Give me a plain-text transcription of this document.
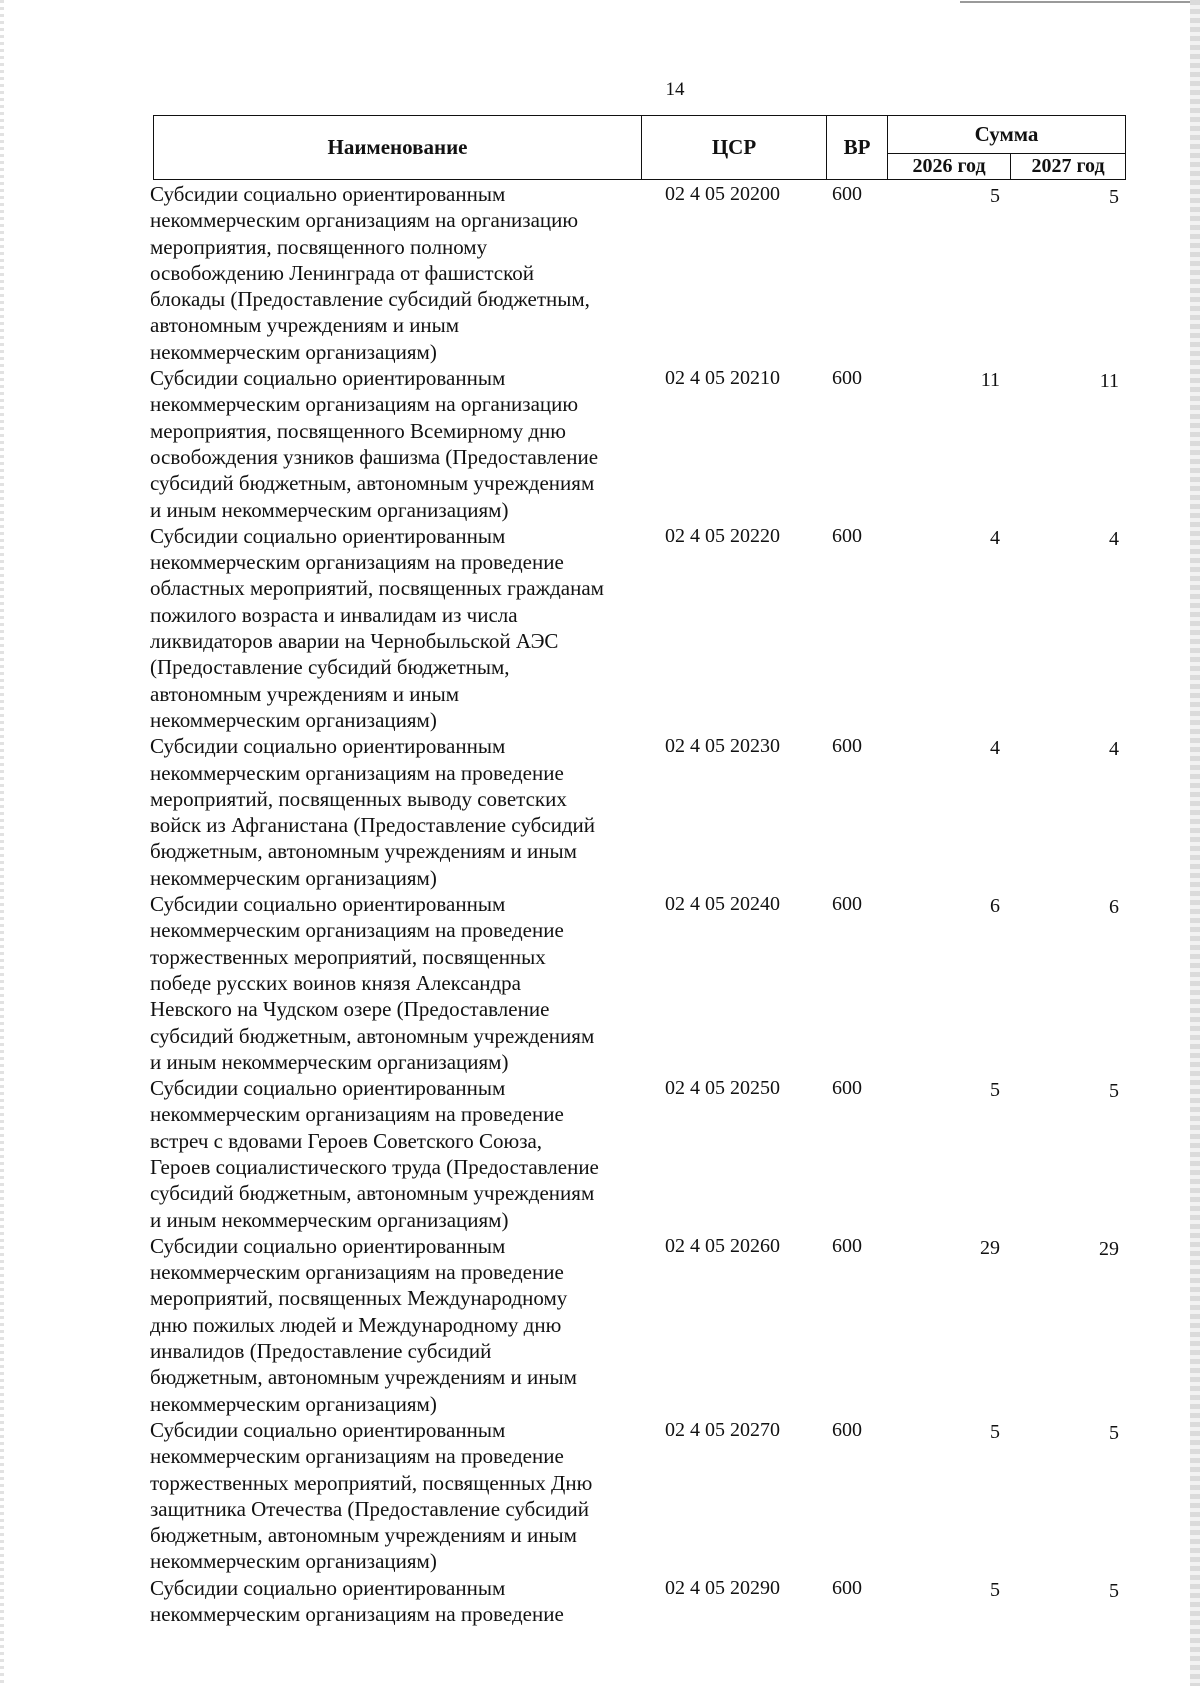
14
Наименование	ЦСР	ВР
Сумма
2026 год	2027 год
Субсидии социально ориентированным
некоммерческим организациям на организацию
мероприятия, посвященного полному
освобождению Ленинграда от фашистской
блокады (Предоставление субсидий бюджетным,
автономным учреждениям и иным
некоммерческим организациям)
02 4 05 20200	600	5	5
Субсидии социально ориентированным
некоммерческим организациям на организацию
мероприятия, посвященного Всемирному дню
освобождения узников фашизма (Предоставление
субсидий бюджетным, автономным учреждениям
и иным некоммерческим организациям)
02 4 05 20210	600	11	11
Субсидии социально ориентированным
некоммерческим организациям на проведение
областных мероприятий, посвященных гражданам
пожилого возраста и инвалидам из числа
ликвидаторов аварии на Чернобыльской АЭС
(Предоставление субсидий бюджетным,
автономным учреждениям и иным
некоммерческим организациям)
02 4 05 20220	600	4	4
Субсидии социально ориентированным
некоммерческим организациям на проведение
мероприятий, посвященных выводу советских
войск из Афганистана (Предоставление субсидий
бюджетным, автономным учреждениям и иным
некоммерческим организациям)
02 4 05 20230	600	4	4
Субсидии социально ориентированным
некоммерческим организациям на проведение
торжественных мероприятий, посвященных
победе русских воинов князя Александра
Невского на Чудском озере (Предоставление
субсидий бюджетным, автономным учреждениям
и иным некоммерческим организациям)
02 4 05 20240	600	6	6
Субсидии социально ориентированным
некоммерческим организациям на проведение
встреч с вдовами Героев Советского Союза,
Героев социалистического труда (Предоставление
субсидий бюджетным, автономным учреждениям
и иным некоммерческим организациям)
02 4 05 20250	600	5	5
Субсидии социально ориентированным
некоммерческим организациям на проведение
мероприятий, посвященных Международному
дню пожилых людей и Международному дню
инвалидов (Предоставление субсидий
бюджетным, автономным учреждениям и иным
некоммерческим организациям)
02 4 05 20260	600	29	29
Субсидии социально ориентированным
некоммерческим организациям на проведение
торжественных мероприятий, посвященных Дню
защитника Отечества (Предоставление субсидий
бюджетным, автономным учреждениям и иным
некоммерческим организациям)
02 4 05 20270	600	5	5
Субсидии социально ориентированным
некоммерческим организациям на проведение
02 4 05 20290	600	5	5
